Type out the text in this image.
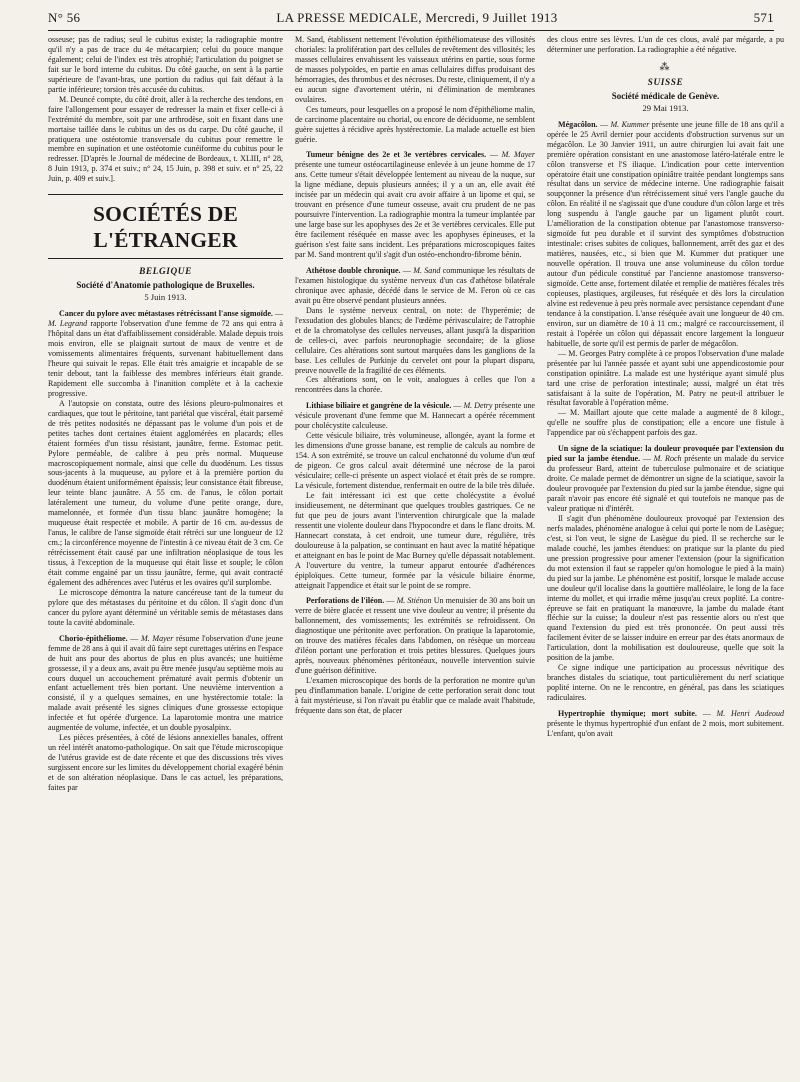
N° 56	LA PRESSE MEDICALE, Mercredi, 9 Juillet 1913	571

osseuse; pas de radius; seul le cubitus existe; la radiographie montre qu'il n'y a pas de trace du 4e métacarpien; celui du pouce manque également; celui de l'index est très atrophié; l'articulation du poignet se fait sur le bord interne du cubitus. Du côté gauche, on sent à la partie supérieure de l'avant-bras, une portion du radius qui fait défaut à la partie inférieure; torsion très accusée du cubitus.

M. Deuncé compte, du côté droit, aller à la recherche des tendons, en faire l'allongement pour essayer de redresser la main et fixer celle-ci à l'extrémité du membre, soit par une arthrodèse, soit en fixant dans une mortaise taillée dans le cubitus un des os du carpe. Du côté gauche, il pratiquera une ostéotomie transversale du cubitus pour remettre le membre en supination et une ostéotomie cunéiforme du cubitus pour le redresser. [D'après le Journal de médecine de Bordeaux, t. XLIII, n° 28, 8 Juin 1913, p. 374 et suiv.; n° 24, 15 Juin, p. 398 et suiv. et n° 25, 22 Juin, p. 409 et suiv.].

SOCIÉTÉS DE L'ÉTRANGER
BELGIQUE
Société d'Anatomie pathologique de Bruxelles.
5 Juin 1913.

Cancer du pylore avec métastases rétrécissant l'anse sigmoïde. — M. Legrand rapporte l'observation d'une femme de 72 ans qui entra à l'hôpital dans un état d'affaiblissement considérable. Malade depuis trois mois environ, elle se plaignait surtout de maux de ventre et de vomissements alimentaires fréquents, survenant habituellement dans l'heure qui suivait le repas. Elle était très amaigrie et incapable de se tenir debout, tant la faiblesse des membres inférieurs était grande. Rapidement elle succomba à l'inanition complète et à la cachexie progressive.

A l'autopsie on constata, outre des lésions pleuro-pulmonaires et cardiaques, que tout le péritoine, tant pariétal que viscéral, était parsemé de très petites nodosités ne dépassant pas le volume d'un pois et de petites taches dont certaines étaient agglomérées en placards; elles étaient formées d'un tissu résistant, jaunâtre, ferme. Estomac petit. Pylore perméable, de calibre à peu près normal. Muqueuse macroscopiquement normale, ainsi que celle du duodénum. Les tissus sous-jacents à la muqueuse, au pylore et à la première portion du duodénum étaient uniformément épaissis; leur consistance était fibreuse, leur teinte blanc jaunâtre. A 55 cm. de l'anus, le côlon portait latéralement une tumeur, du volume d'une petite orange, dure, mamelonnée, et formée d'un tissu blanc jaunâtre homogène; la muqueuse était respectée et mobile. A partir de 16 cm. au-dessus de l'anus, le calibre de l'anse sigmoïde était rétréci sur une longueur de 12 cm.; la circonférence moyenne de l'intestin à ce niveau était de 3 cm. Ce rétrécissement était causé par une infiltration néoplasique de tous les tissus, à l'exception de la muqueuse qui était lisse et souple; le côlon était comme engainé par un tissu jaunâtre, ferme, qui avait contracté également des adhérences avec l'utérus et les ovaires qu'il surplombe.

Le microscope démontra la nature cancéreuse tant de la tumeur du pylore que des métastases du péritoine et du côlon. Il s'agit donc d'un cancer du pylore ayant déterminé un véritable semis de métastases dans toute la cavité abdominale.

Chorio-épithéliome. — M. Mayer résume l'observation d'une jeune femme de 28 ans à qui il avait dû faire sept curettages utérins en l'espace de huit ans pour des abortus de plus en plus avancés; une huitième grossesse, il y a deux ans, avait pu être menée jusqu'au septième mois au cours duquel un accouchement prématuré avait permis d'obtenir un enfant actuellement très bien portant. Une neuvième intervention a consisté, il y a quelques semaines, en une hystérectomie totale: la malade avait présenté les signes cliniques d'une grossesse ectopique infectée et fut opérée d'urgence. La laparotomie montra une matrice augmentée de volume, infectée, et un double pyosalpinx.

Les pièces présentées, à côté de lésions annexielles banales, offrent un réel intérêt anatomo-pathologique. On sait que l'étude microscopique de l'utérus gravide est de date récente et que des discussions très vives surgissent encore sur les limites du développement chorial exagéré bénin et de son altération néoplasique. Dans le cas actuel, les préparations, faites par

M. Sand, établissent nettement l'évolution épithéliomateuse des villosités choriales: la prolifération part des cellules de revêtement des villosités; les masses cellulaires envahissent les vaisseaux utérins en partie, sous forme de masses polypoïdes, en partie en amas cellulaires diffus produisant des hémorragies, des thrombus et des nécroses. Du reste, cliniquement, il n'y a eu aucun signe d'avortement utérin, ni d'élimination de membranes ovulaires.

Ces tumeurs, pour lesquelles on a proposé le nom d'épithéliome malin, de carcinome placentaire ou chorial, ou encore de déciduome, ne semblent guère sujettes à récidive après hystérectomie. La malade actuelle est bien guérie.

Tumeur bénigne des 2e et 3e vertèbres cervicales. — M. Mayer présente une tumeur ostéocartilagineuse enlevée à un jeune homme de 17 ans. Cette tumeur s'était développée lentement au niveau de la nuque, sur la ligne médiane, depuis plusieurs années; il y a un an, elle avait été incisée par un médecin qui avait cru avoir affaire à un lipome et qui, se trouvant en présence d'une tumeur osseuse, avait cru prudent de ne pas poursuivre l'intervention. La radiographie montra la tumeur implantée par une large base sur les apophyses des 2e et 3e vertèbres cervicales. Elle put être facilement réséquée en masse avec les apophyses épineuses, et la guérison s'est faite sans incident. Les préparations microscopiques faites par M. Sand montrent qu'il s'agit d'un ostéo-enchondro-fibrome bénin.

Athétose double chronique. — M. Sand communique les résultats de l'examen histologique du système nerveux d'un cas d'athétose bilatérale chronique avec aphasie, décédé dans le service de M. Feron où ce cas avait pu être observé pendant plusieurs années.

Dans le système nerveux central, on note: de l'hyperémie; de l'exsudation des globules blancs; de l'œdème périvasculaire; de l'atrophie et de la chromatolyse des cellules nerveuses, allant jusqu'à la disparition de celles-ci, avec parfois neuronophagie secondaire; de la gliose cellulaire. Ces altérations sont surtout marquées dans les ganglions de la base. Les cellules de Purkinje du cervelet ont pour la plupart disparu, preuve nouvelle de la fragilité de ces éléments.

Ces altérations sont, on le voit, analogues à celles que l'on a rencontrées dans la chorée.

Lithiase biliaire et gangrène de la vésicule. — M. Detry présente une vésicule provenant d'une femme que M. Hannecart a opérée récemment pour cholécystite calculeuse.

Cette vésicule biliaire, très volumineuse, allongée, ayant la forme et les dimensions d'une grosse banane, est remplie de calculs au nombre de 154. A son extrémité, se trouve un calcul enchatonné du volume d'un œuf de pigeon. Ce gros calcul avait déterminé une nécrose de la paroi vésiculaire; celle-ci présente un aspect violacé et était près de se rompre. La vésicule, fortement distendue, renfermait en outre de la bile très diluée.

Le fait intéressant ici est que cette cholécystite a évolué insidieusement, ne déterminant que quelques troubles gastriques. Ce ne fut que peu de jours avant l'intervention chirurgicale que la malade ressentit une violente douleur dans l'hypocondre et dans le flanc droits. M. Hannecart constata, à cet endroit, une tumeur dure, régulière, très douloureuse à la palpation, se continuant en haut avec la matité hépatique et atteignant en bas le point de Mac Burney qu'elle dépassait notablement. A l'ouverture du ventre, la tumeur apparut entourée d'adhérences épiploïques. Cette tumeur, formée par la vésicule biliaire énorme, atteignait l'appendice et était sur le point de se rompre.

Perforations de l'iléon. — M. Stiénon Un menuisier de 30 ans boit un verre de bière glacée et ressent une vive douleur au ventre; il présente du ballonnement, des vomissements; les extrémités se refroidissent. On diagnostique une péritonite avec perforation. On pratique la laparotomie, on trouve des matières fécales dans l'abdomen, on résèque un morceau d'iléon portant une perforation et trois petites blessures. Quelques jours après, nouveaux phénomènes péritonéaux, nouvelle intervention suivie d'une guérison définitive.

L'examen microscopique des bords de la perforation ne montre qu'un peu d'inflammation banale. L'origine de cette perforation serait donc tout à fait mystérieuse, si l'on n'avait pu établir que ce malade avait l'habitude, fréquente dans son état, de placer

des clous entre ses lèvres. L'un de ces clous, avalé par mégarde, a pu déterminer une perforation. La radiographie a été négative.

⁂
SUISSE
Société médicale de Genève.
29 Mai 1913.

Mégacôlon. — M. Kummer présente une jeune fille de 18 ans qu'il a opérée le 25 Avril dernier pour accidents d'obstruction survenus sur un mégacôlon. Le 30 Janvier 1911, un autre chirurgien lui avait fait une première opération consistant en une anastomose latéro-latérale entre le côlon transverse et l'S iliaque. L'indication pour cette intervention opératoire était une constipation opiniâtre traitée pendant longtemps sans résultat dans un service de médecine interne. Une radiographie faisait soupçonner la présence d'un rétrécissement situé vers l'angle gauche du côlon. En réalité il ne s'agissait que d'une coudure d'un côlon large et très long suspendu à l'angle gauche par un ligament plutôt court. L'amélioration de la constipation obtenue par l'anastomose transverso-sigmoïde fut peu durable et il survint des symptômes d'obstruction intestinale: crises subites de coliques, ballonnement, arrêt des gaz et des matières, nausées, etc., si bien que M. Kummer dut pratiquer une nouvelle opération. Il trouva une anse volumineuse du côlon tordue autour d'un pédicule constitué par l'ancienne anastomose transverso-sigmoïde. Cette anse, fortement dilatée et remplie de matières fécales très copieuses, plastiques, argileuses, fut réséquée et dès lors la circulation alvine est redevenue à peu près normale avec persistance cependant d'une tendance à la constipation. L'anse réséquée avait une longueur de 40 cm. environ, sur un diamètre de 10 à 11 cm.; malgré ce raccourcissement, il restait à l'opérée un côlon qui dépassait encore largement la longueur habituelle, de sorte qu'il est permis de parler de mégacôlon.

— M. Georges Patry complète à ce propos l'observation d'une malade présentée par lui l'année passée et ayant subi une appendicostomie pour constipation opiniâtre. La malade est une hystérique ayant simulé plus tard une crise de perforation intestinale; aussi, malgré un état très satisfaisant à la suite de l'opération, M. Patry ne peut-il attribuer le résultat favorable à l'opération même.

— M. Maillart ajoute que cette malade a augmenté de 8 kilogr., qu'elle ne souffre plus de constipation; elle a encore une fistule à l'appendice par où s'échappent parfois des gaz.

Un signe de la sciatique: la douleur provoquée par l'extension du pied sur la jambe étendue. — M. Roch présente un malade du service du professeur Bard, atteint de tuberculose pulmonaire et de sciatique droite. Ce malade permet de démontrer un signe de la sciatique, savoir la douleur provoquée par l'extension du pied sur la jambe étendue, signe qui paraît n'avoir pas encore été signalé et qui toutefois ne manque pas de valeur pratique ni d'intérêt.

Il s'agit d'un phénomène douloureux provoqué par l'extension des nerfs malades, phénomène analogue à celui qui porte le nom de Lasègue; c'est, si l'on veut, le signe de Lasègue du pied. Il se recherche sur le malade couché, les jambes étendues: on pratique sur la plante du pied une pression progressive pour amener l'extension (pour la signification du mot extension il faut se rappeler qu'on homologue le pied à la main) du pied sur la jambe. Le phénomène est positif, lorsque le malade accuse une douleur qu'il localise dans la gouttière malléolaire, le long de la face interne du mollet, et qui irradie même jusqu'au creux poplité. La contre-épreuve se fait en pratiquant la manœuvre, la jambe du malade étant fléchie sur la cuisse; la douleur n'est pas ressentie alors ou n'est que quand l'extension du pied est très prononcée. On peut aussi très facilement éviter de se laisser induire en erreur par des états anormaux de l'articulation, dont la mobilisation est douloureuse, quelle que soit la position de la jambe.

Ce signe indique une participation au processus névritique des branches distales du sciatique, tout particulièrement du nerf sciatique poplité interne. On ne le rencontre, en général, pas dans les sciatiques radiculaires.

Hypertrophie thymique; mort subite. — M. Henri Audeoud présente le thymus hypertrophié d'un enfant de 2 mois, mort subitement. L'enfant, qu'on avait
